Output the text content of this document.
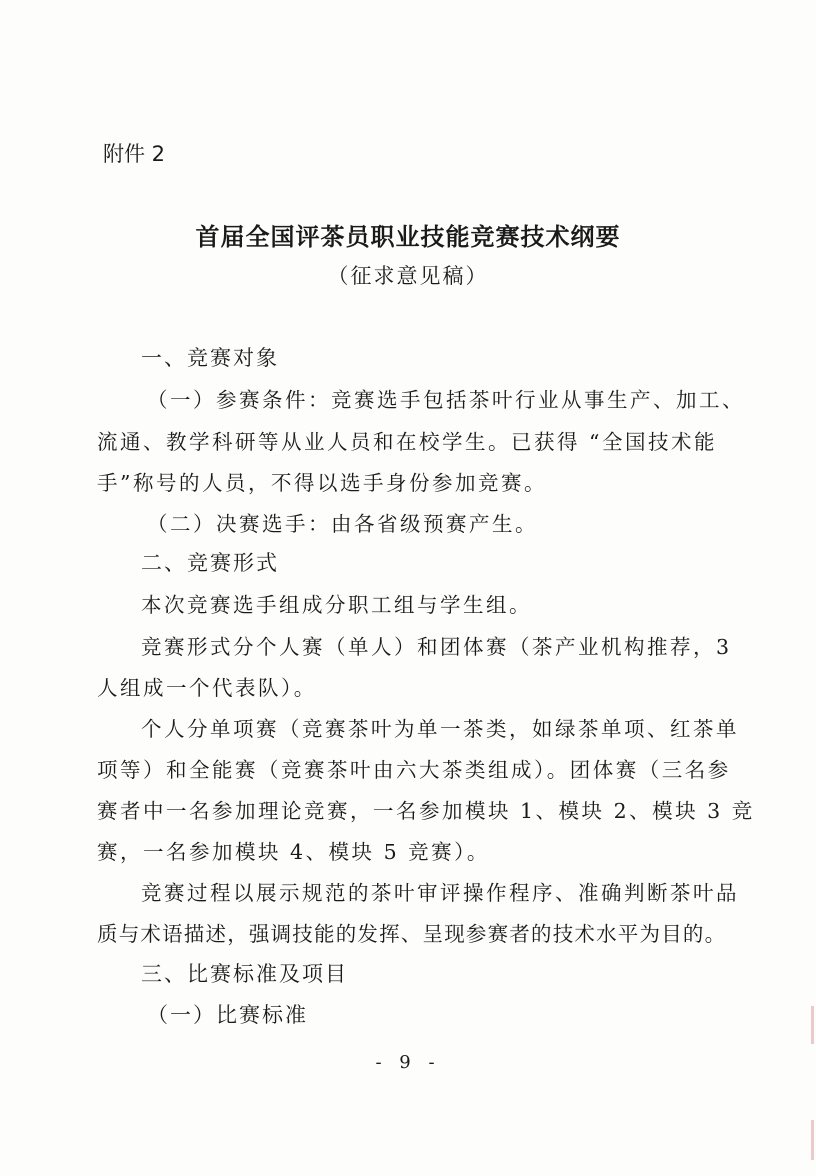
附件 2
首届全国评茶员职业技能竞赛技术纲要
（征求意见稿）
一、竞赛对象
（一）参赛条件：竞赛选手包括茶叶行业从事生产、加工、
流通、教学科研等从业人员和在校学生。已获得 “全国技术能
手”称号的人员，不得以选手身份参加竞赛。
（二）决赛选手：由各省级预赛产生。
二、竞赛形式
本次竞赛选手组成分职工组与学生组。
竞赛形式分个人赛（单人）和团体赛（茶产业机构推荐，3
人组成一个代表队）。
个人分单项赛（竞赛茶叶为单一茶类，如绿茶单项、红茶单
项等）和全能赛（竞赛茶叶由六大茶类组成）。团体赛（三名参
赛者中一名参加理论竞赛，一名参加模块 1、模块 2、模块 3 竞
赛，一名参加模块 4、模块 5 竞赛）。
竞赛过程以展示规范的茶叶审评操作程序、准确判断茶叶品
质与术语描述，强调技能的发挥、呈现参赛者的技术水平为目的。
三、比赛标准及项目
（一）比赛标准
- 9 -
